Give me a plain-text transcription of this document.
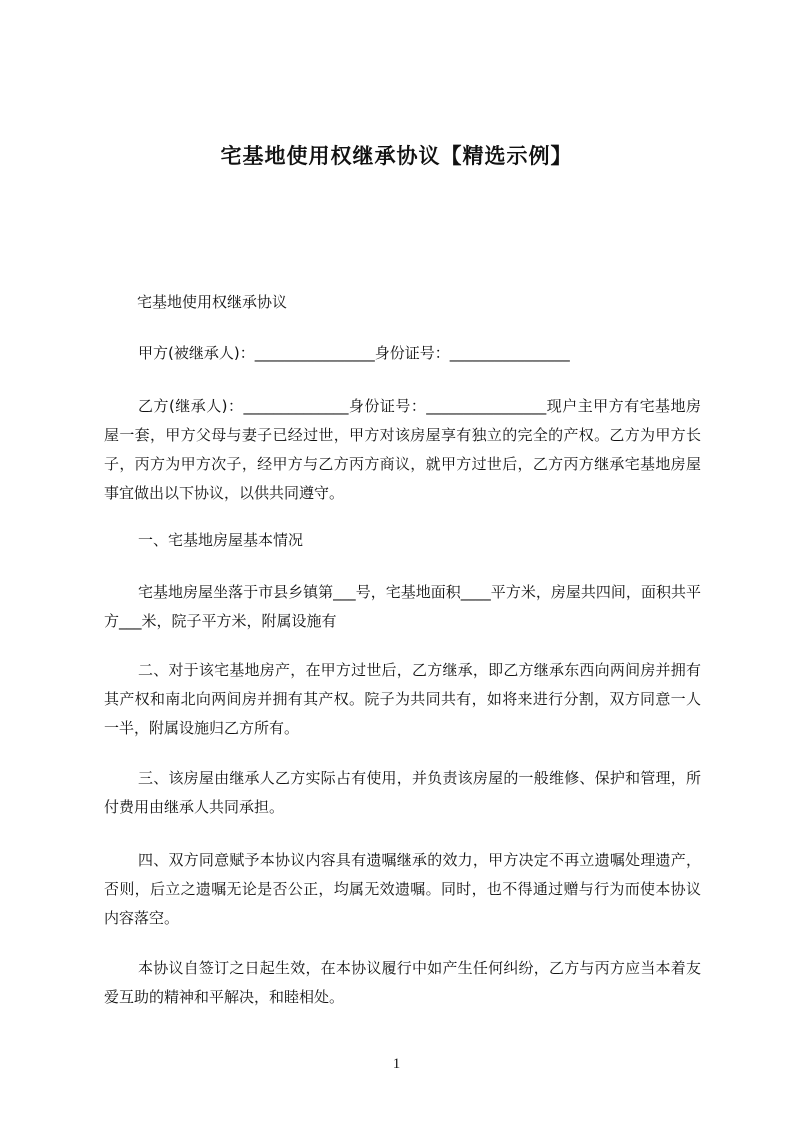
宅基地使用权继承协议【精选示例】
宅基地使用权继承协议

甲方(被继承人)：________________身份证号：________________

乙方(继承人)：______________身份证号：________________现户主甲方有宅基地房屋一套，甲方父母与妻子已经过世，甲方对该房屋享有独立的完全的产权。乙方为甲方长子，丙方为甲方次子，经甲方与乙方丙方商议，就甲方过世后，乙方丙方继承宅基地房屋事宜做出以下协议，以供共同遵守。

一、宅基地房屋基本情况

宅基地房屋坐落于市县乡镇第___号，宅基地面积____平方米，房屋共四间，面积共平方___米，院子平方米，附属设施有

二、对于该宅基地房产，在甲方过世后，乙方继承，即乙方继承东西向两间房并拥有其产权和南北向两间房并拥有其产权。院子为共同共有，如将来进行分割，双方同意一人一半，附属设施归乙方所有。

三、该房屋由继承人乙方实际占有使用，并负责该房屋的一般维修、保护和管理，所付费用由继承人共同承担。

四、双方同意赋予本协议内容具有遗嘱继承的效力，甲方决定不再立遗嘱处理遗产，否则，后立之遗嘱无论是否公正，均属无效遗嘱。同时，也不得通过赠与行为而使本协议内容落空。

本协议自签订之日起生效，在本协议履行中如产生任何纠纷，乙方与丙方应当本着友爱互助的精神和平解决，和睦相处。

1
